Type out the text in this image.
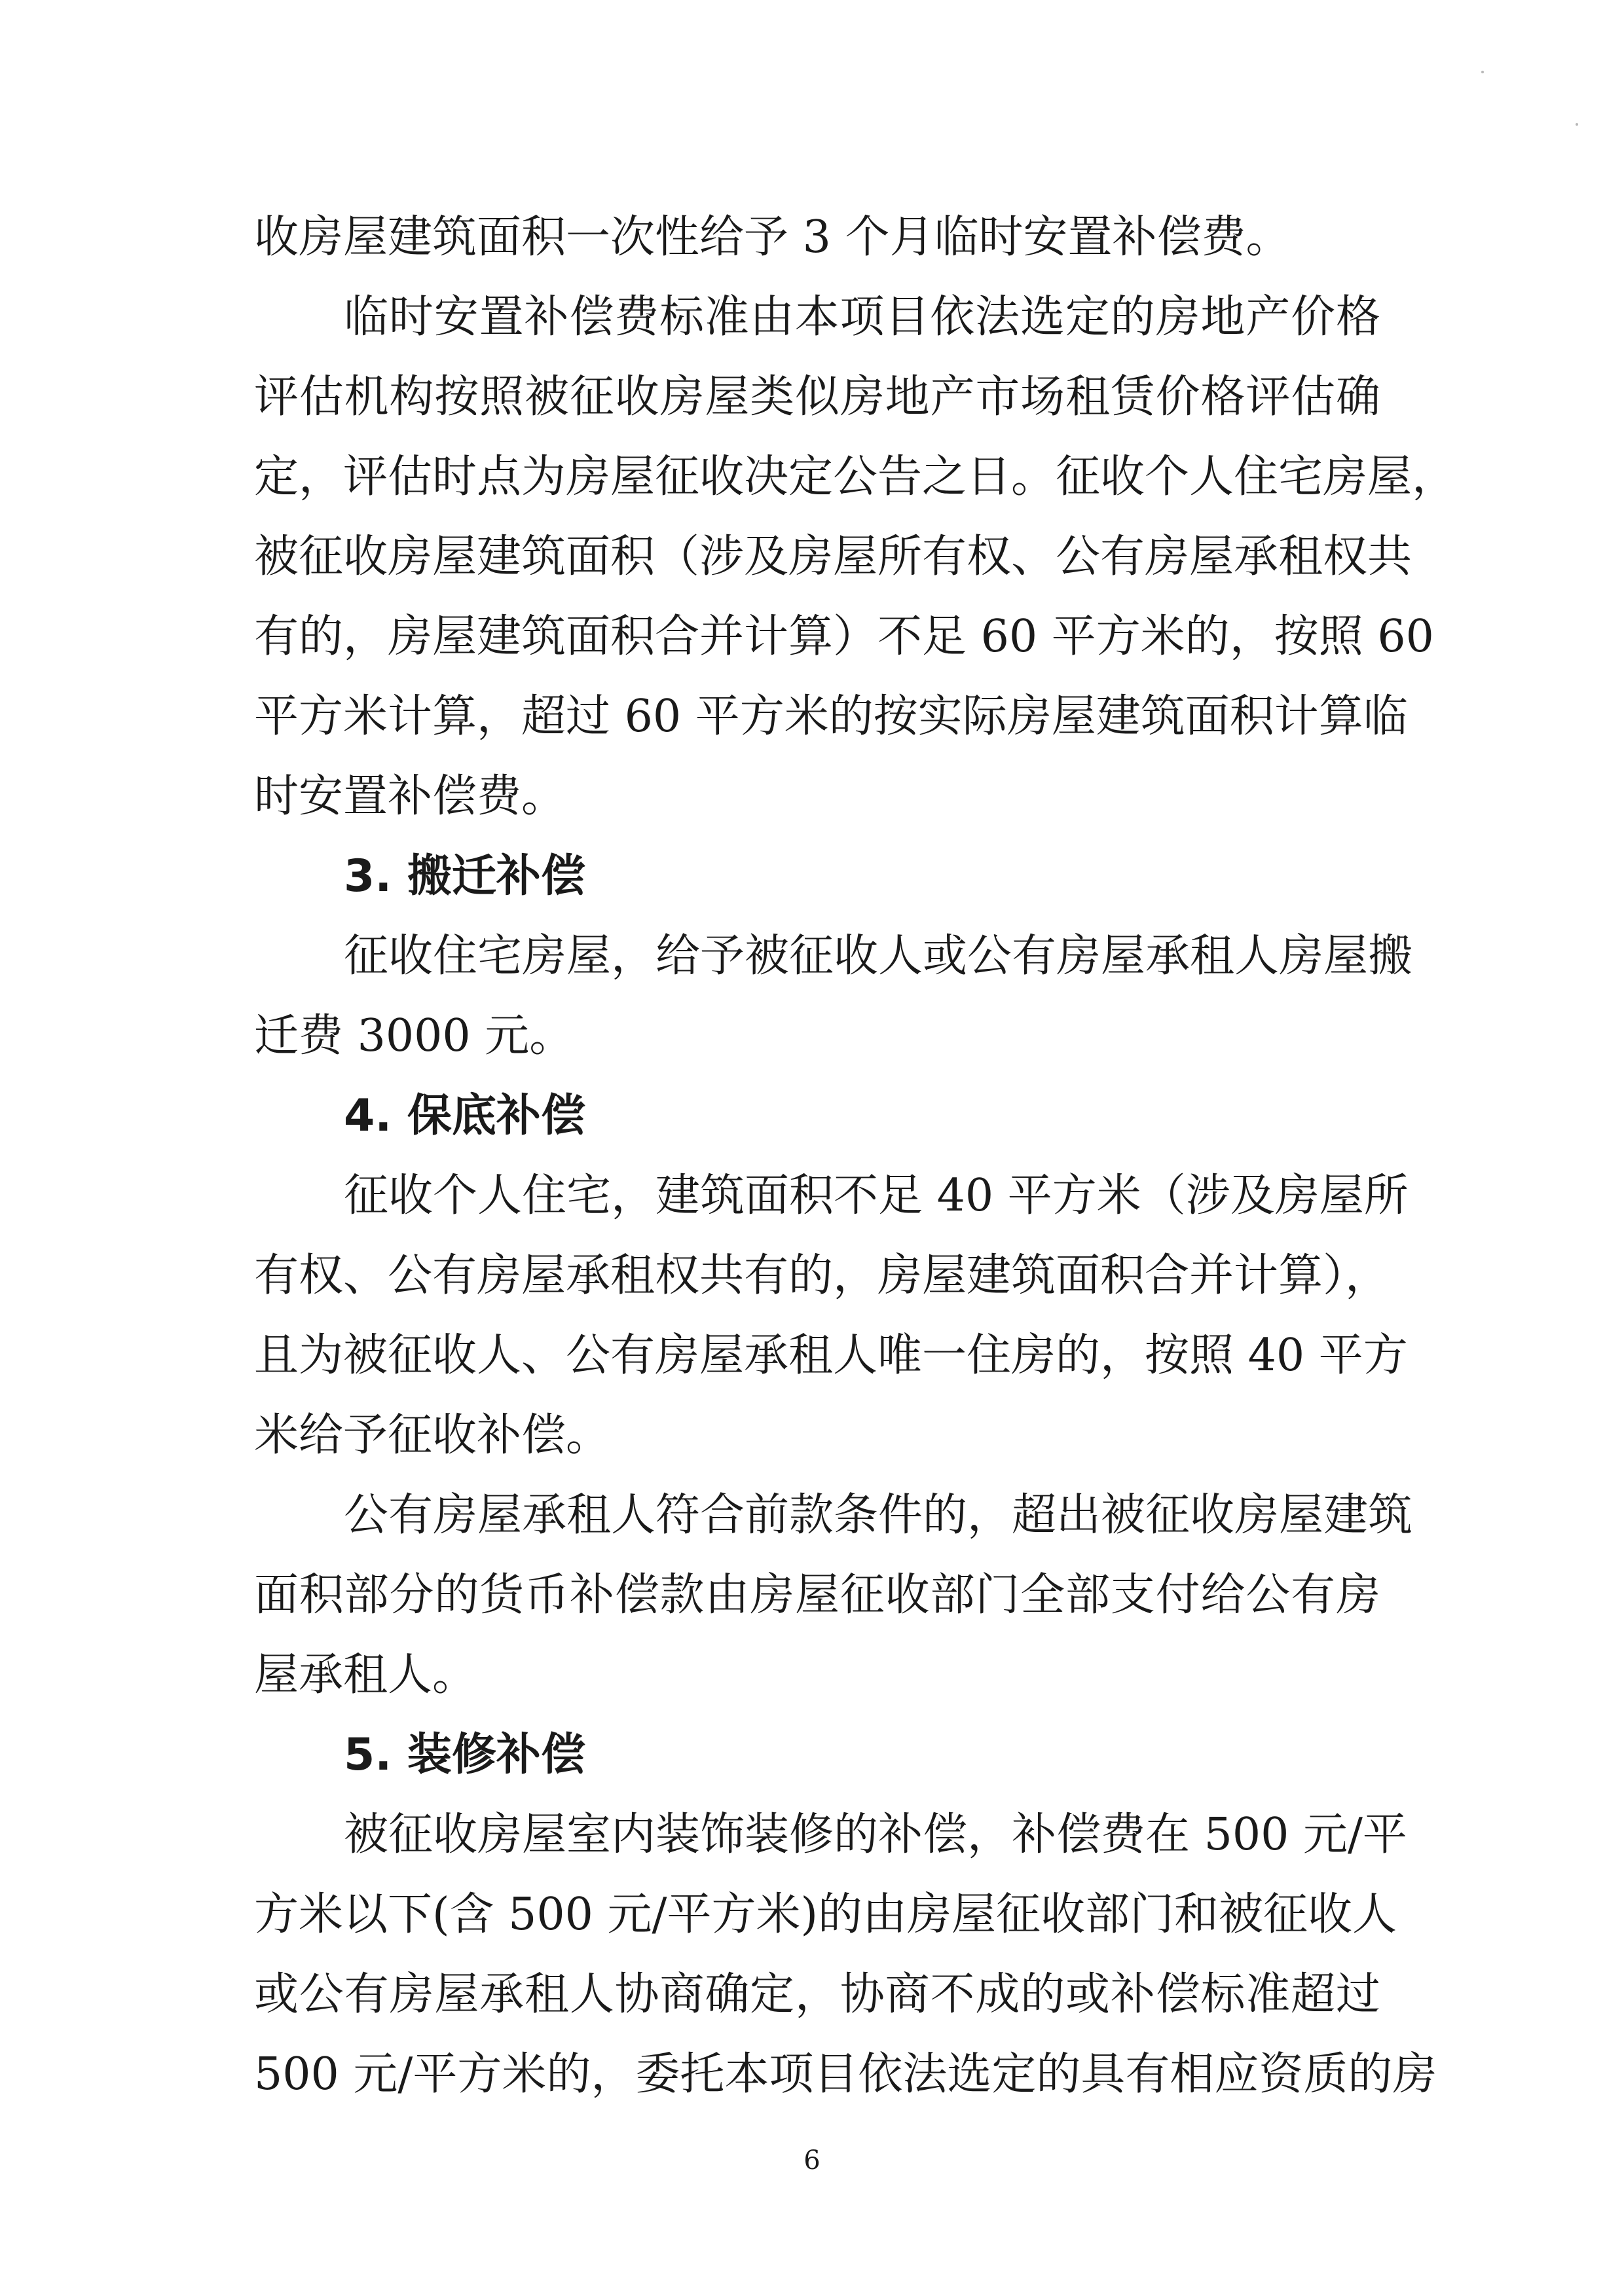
收房屋建筑面积一次性给予 3 个月临时安置补偿费。
临时安置补偿费标准由本项目依法选定的房地产价格
评估机构按照被征收房屋类似房地产市场租赁价格评估确
定，评估时点为房屋征收决定公告之日。征收个人住宅房屋，
被征收房屋建筑面积（涉及房屋所有权、公有房屋承租权共
有的，房屋建筑面积合并计算）不足 60 平方米的，按照 60
平方米计算，超过 60 平方米的按实际房屋建筑面积计算临
时安置补偿费。
3. 搬迁补偿
征收住宅房屋，给予被征收人或公有房屋承租人房屋搬
迁费 3000 元。
4. 保底补偿
征收个人住宅，建筑面积不足 40 平方米（涉及房屋所
有权、公有房屋承租权共有的，房屋建筑面积合并计算），
且为被征收人、公有房屋承租人唯一住房的，按照 40 平方
米给予征收补偿。
公有房屋承租人符合前款条件的，超出被征收房屋建筑
面积部分的货币补偿款由房屋征收部门全部支付给公有房
屋承租人。
5. 装修补偿
被征收房屋室内装饰装修的补偿，补偿费在 500 元/平
方米以下(含 500 元/平方米)的由房屋征收部门和被征收人
或公有房屋承租人协商确定，协商不成的或补偿标准超过
500 元/平方米的，委托本项目依法选定的具有相应资质的房
6
